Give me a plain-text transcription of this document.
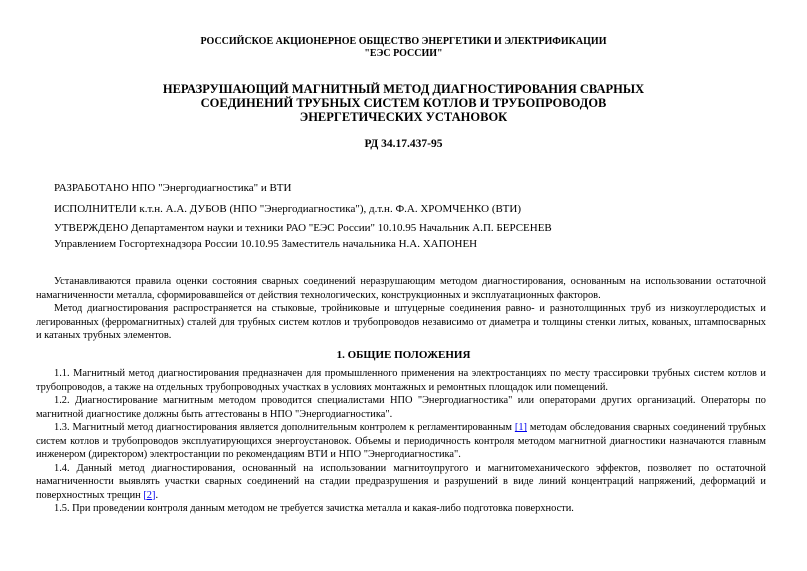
РОССИЙСКОЕ АКЦИОНЕРНОЕ ОБЩЕСТВО ЭНЕРГЕТИКИ И ЭЛЕКТРИФИКАЦИИ
"ЕЭС РОССИИ"
НЕРАЗРУШАЮЩИЙ МАГНИТНЫЙ МЕТОД ДИАГНОСТИРОВАНИЯ СВАРНЫХ
СОЕДИНЕНИЙ ТРУБНЫХ СИСТЕМ КОТЛОВ И ТРУБОПРОВОДОВ
ЭНЕРГЕТИЧЕСКИХ УСТАНОВОК
РД 34.17.437-95
РАЗРАБОТАНО НПО "Энергодиагностика" и ВТИ
ИСПОЛНИТЕЛИ к.т.н. А.А. ДУБОВ (НПО "Энергодиагностика"), д.т.н. Ф.А. ХРОМЧЕНКО (ВТИ)
УТВЕРЖДЕНО Департаментом науки и техники РАО "ЕЭС России" 10.10.95 Начальник А.П. БЕРСЕНЕВ
Управлением Госгортехнадзора России 10.10.95 Заместитель начальника Н.А. ХАПОНЕН

Устанавливаются правила оценки состояния сварных соединений неразрушающим методом диагностирования, основанным на использовании остаточной намагниченности металла, сформировавшейся от действия технологических, конструкционных и эксплуатационных факторов.

Метод диагностирования распространяется на стыковые, тройниковые и штуцерные соединения равно- и разнотолщинных труб из низкоуглеродистых и легированных (ферромагнитных) сталей для трубных систем котлов и трубопроводов независимо от диаметра и толщины стенки литых, кованых, штампосварных и катаных трубных элементов.

1. ОБЩИЕ ПОЛОЖЕНИЯ

1.1. Магнитный метод диагностирования предназначен для промышленного применения на электростанциях по месту трассировки трубных систем котлов и трубопроводов, а также на отдельных трубопроводных участках в условиях монтажных и ремонтных площадок или помещений.

1.2. Диагностирование магнитным методом проводится специалистами НПО "Энергодиагностика" или операторами других организаций. Операторы по магнитной диагностике должны быть аттестованы в НПО "Энергодиагностика".

1.3. Магнитный метод диагностирования является дополнительным контролем к регламентированным [1] методам обследования сварных соединений трубных систем котлов и трубопроводов эксплуатирующихся энергоустановок. Объемы и периодичность контроля методом магнитной диагностики назначаются главным инженером (директором) электростанции по рекомендациям ВТИ и НПО "Энергодиагностика".

1.4. Данный метод диагностирования, основанный на использовании магнитоупругого и магнитомеханического эффектов, позволяет по остаточной намагниченности выявлять участки сварных соединений на стадии предразрушения и разрушений в виде линий концентраций напряжений, деформаций и поверхностных трещин [2].

1.5. При проведении контроля данным методом не требуется зачистка металла и какая-либо подготовка поверхности.
